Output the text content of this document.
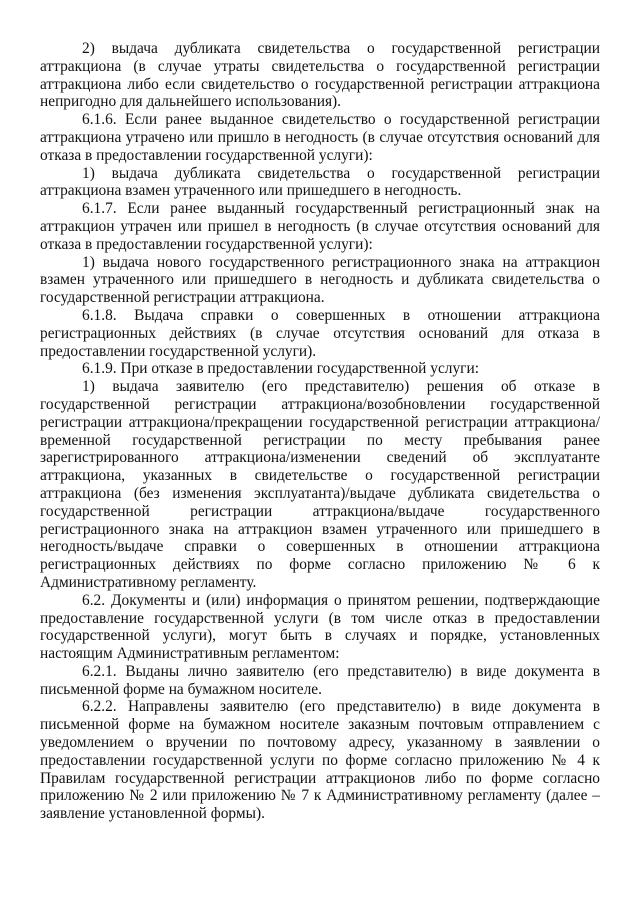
2) выдача дубликата свидетельства о государственной регистрации аттракциона (в случае утраты свидетельства о государственной регистрации аттракциона либо если свидетельство о государственной регистрации аттракциона непригодно для дальнейшего использования).

6.1.6. Если ранее выданное свидетельство о государственной регистрации аттракциона утрачено или пришло в негодность (в случае отсутствия оснований для отказа в предоставлении государственной услуги):

1) выдача дубликата свидетельства о государственной регистрации аттракциона взамен утраченного или пришедшего в негодность.

6.1.7. Если ранее выданный государственный регистрационный знак на аттракцион утрачен или пришел в негодность (в случае отсутствия оснований для отказа в предоставлении государственной услуги):

1) выдача нового государственного регистрационного знака на аттракцион взамен утраченного или пришедшего в негодность и дубликата свидетельства о государственной регистрации аттракциона.

6.1.8. Выдача справки о совершенных в отношении аттракциона регистрационных действиях (в случае отсутствия оснований для отказа в предоставлении государственной услуги).

6.1.9. При отказе в предоставлении государственной услуги:

1) выдача заявителю (его представителю) решения об отказе в государственной регистрации аттракциона/возобновлении государственной регистрации аттракциона/прекращении государственной регистрации аттракциона/временной государственной регистрации по месту пребывания ранее зарегистрированного аттракциона/изменении сведений об эксплуатанте аттракциона, указанных в свидетельстве о государственной регистрации аттракциона (без изменения эксплуатанта)/выдаче дубликата свидетельства о государственной регистрации аттракциона/выдаче государственного регистрационного знака на аттракцион взамен утраченного или пришедшего в негодность/выдаче справки о совершенных в отношении аттракциона регистрационных действиях по форме согласно приложению № 6 к Административному регламенту.

6.2. Документы и (или) информация о принятом решении, подтверждающие предоставление государственной услуги (в том числе отказ в предоставлении государственной услуги), могут быть в случаях и порядке, установленных настоящим Административным регламентом:

6.2.1. Выданы лично заявителю (его представителю) в виде документа в письменной форме на бумажном носителе.

6.2.2. Направлены заявителю (его представителю) в виде документа в письменной форме на бумажном носителе заказным почтовым отправлением с уведомлением о вручении по почтовому адресу, указанному в заявлении о предоставлении государственной услуги по форме согласно приложению № 4 к Правилам государственной регистрации аттракционов либо по форме согласно приложению № 2 или приложению № 7 к Административному регламенту (далее – заявление установленной формы).
